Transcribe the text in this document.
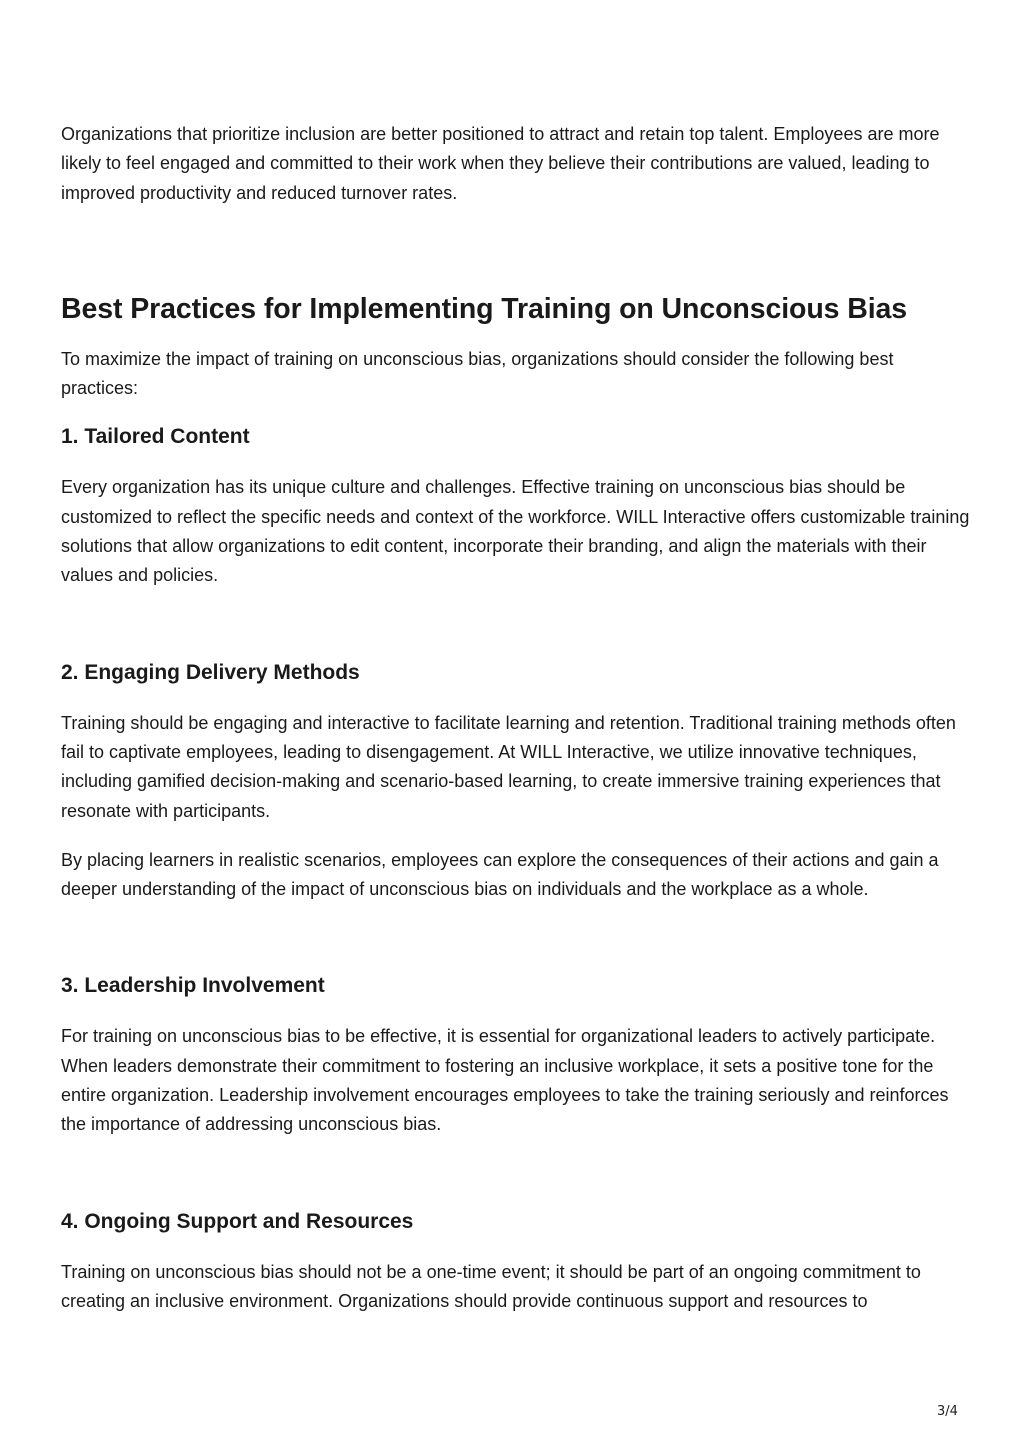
Organizations that prioritize inclusion are better positioned to attract and retain top talent. Employees are more likely to feel engaged and committed to their work when they believe their contributions are valued, leading to improved productivity and reduced turnover rates.

Best Practices for Implementing Training on Unconscious Bias

To maximize the impact of training on unconscious bias, organizations should consider the following best practices:

1. Tailored Content

Every organization has its unique culture and challenges. Effective training on unconscious bias should be customized to reflect the specific needs and context of the workforce. WILL Interactive offers customizable training solutions that allow organizations to edit content, incorporate their branding, and align the materials with their values and policies.

2. Engaging Delivery Methods

Training should be engaging and interactive to facilitate learning and retention. Traditional training methods often fail to captivate employees, leading to disengagement. At WILL Interactive, we utilize innovative techniques, including gamified decision-making and scenario-based learning, to create immersive training experiences that resonate with participants.

By placing learners in realistic scenarios, employees can explore the consequences of their actions and gain a deeper understanding of the impact of unconscious bias on individuals and the workplace as a whole.

3. Leadership Involvement

For training on unconscious bias to be effective, it is essential for organizational leaders to actively participate. When leaders demonstrate their commitment to fostering an inclusive workplace, it sets a positive tone for the entire organization. Leadership involvement encourages employees to take the training seriously and reinforces the importance of addressing unconscious bias.

4. Ongoing Support and Resources

Training on unconscious bias should not be a one-time event; it should be part of an ongoing commitment to creating an inclusive environment. Organizations should provide continuous support and resources to

3/4
